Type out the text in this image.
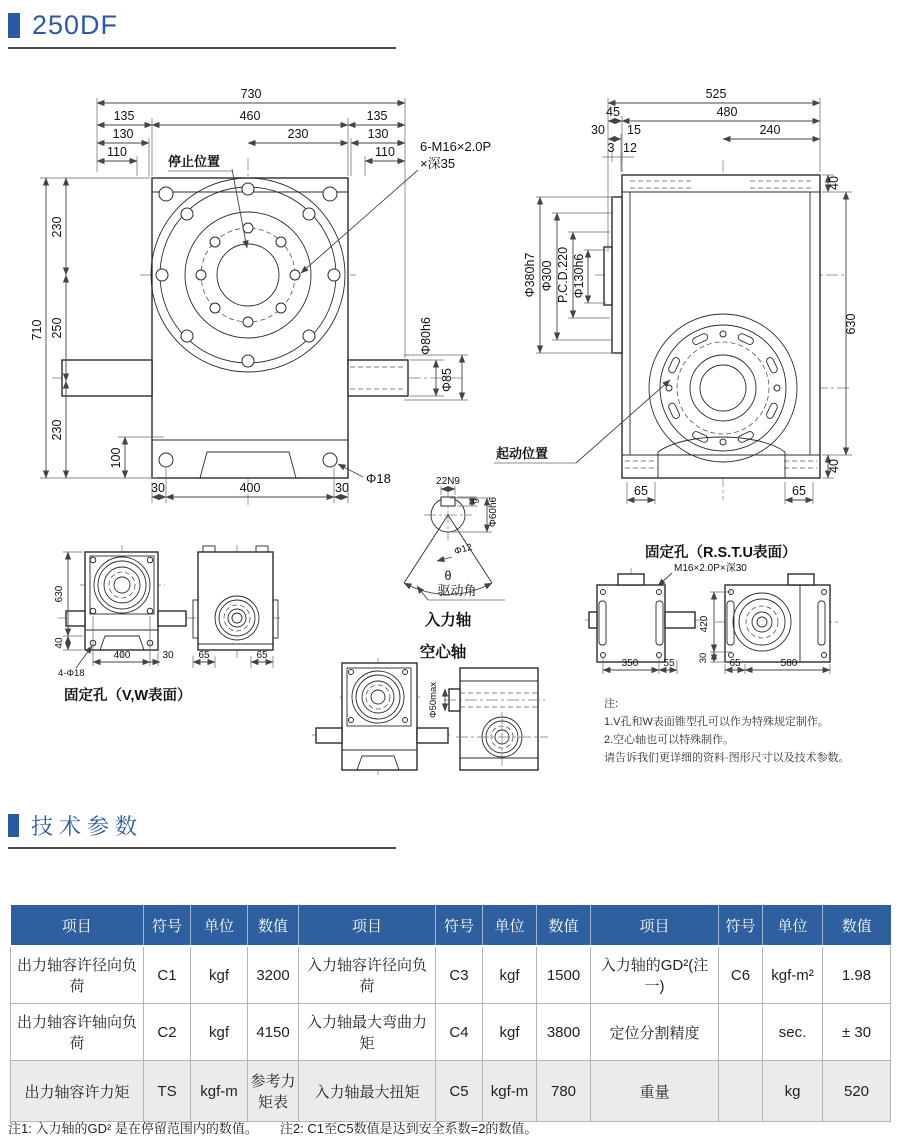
250DF
730
460
135	135
230
130	130
110	110
停止位置
6-M16×2.0P
×深35
710
230
250
230
100
30	400	30
Φ18
Φ80h6
Φ85
525
45	480
30 15	240
3 12
40
630
40
Φ380h7 Φ300 P.C.D.220 Φ130h6
65	65
起动位置
22N9
9 Φ60h6
Φ12
θ
驱动角
入力轴
630
40
400	30
4-Φ18
65	65
固定孔（V,W表面）
空心轴
Φ50max
固定孔（R.S.T.U表面）
M16×2.0P×深30
350	55
420
30 65	580
注:
1.V孔和W表面锥型孔可以作为特殊规定制作。
2.空心轴也可以特殊制作。
请告诉我们更详细的资料·图形尺寸以及技术参数。
技术参数
项目	符号	单位	数值	项目	符号	单位	数值	项目	符号	单位	数值
出力轴容许径向负荷	C1	kgf	3200	入力轴容许径向负荷	C3	kgf	1500	入力轴的GD²(注一)	C6	kgf-m²	1.98
出力轴容许轴向负荷	C2	kgf	4150	入力轴最大弯曲力矩	C4	kgf	3800	定位分割精度		sec.	± 30
出力轴容许力矩	TS	kgf-m	参考力矩表	入力轴最大扭矩	C5	kgf-m	780	重量		kg	520
注1: 入力轴的GD² 是在停留范围内的数值。 注2: C1至C5数值是达到安全系数=2的数值。
